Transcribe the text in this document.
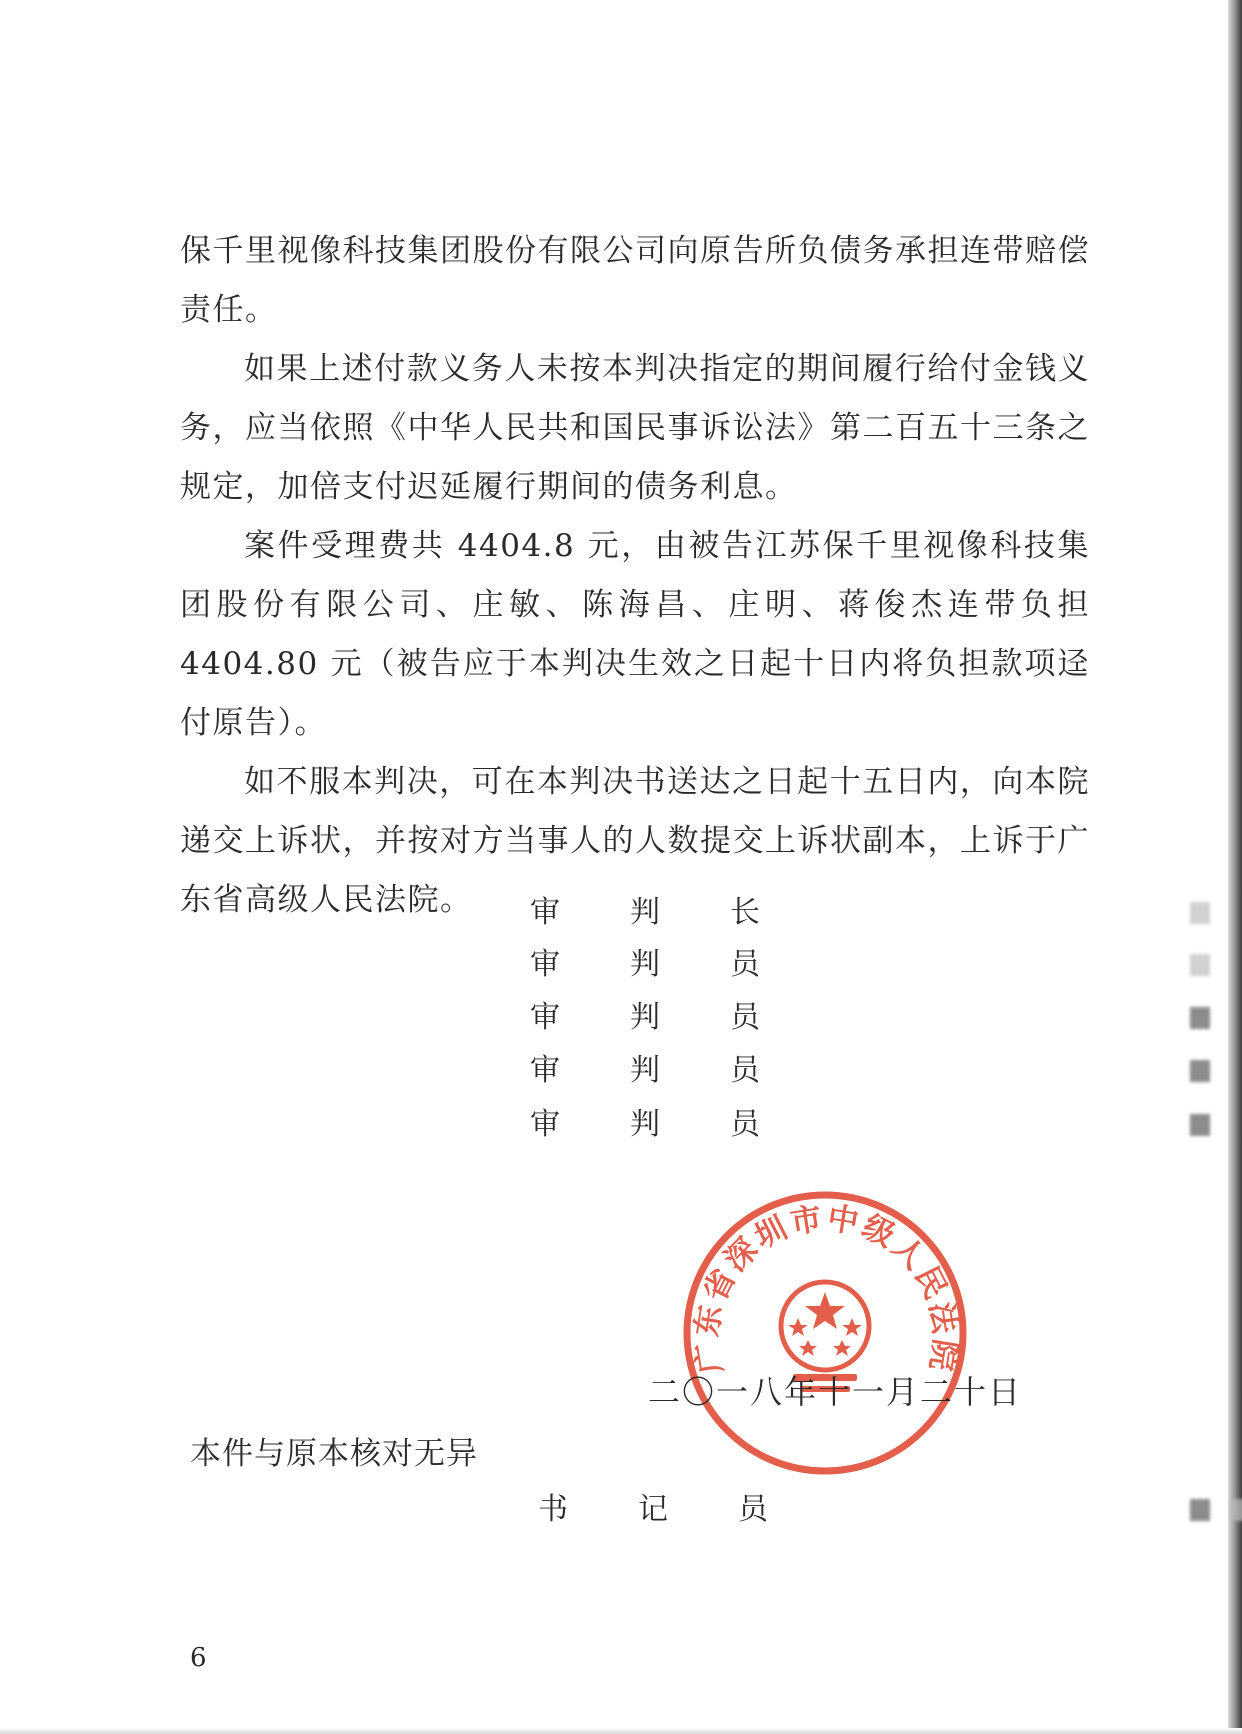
保千里视像科技集团股份有限公司向原告所负债务承担连带赔偿责任。

如果上述付款义务人未按本判决指定的期间履行给付金钱义务，应当依照《中华人民共和国民事诉讼法》第二百五十三条之规定，加倍支付迟延履行期间的债务利息。

案件受理费共 4404.8 元，由被告江苏保千里视像科技集团股份有限公司、庄敏、陈海昌、庄明、蒋俊杰连带负担 4404.80 元（被告应于本判决生效之日起十日内将负担款项迳付原告）。

如不服本判决，可在本判决书送达之日起十五日内，向本院递交上诉状，并按对方当事人的人数提交上诉状副本，上诉于广东省高级人民法院。	审 判 长
审 判 员
审 判 员
审 判 员
审 判 员
广东省深圳市中级人民法院
二〇一八年十一月二十日
本件与原本核对无异
书 记 员
6
